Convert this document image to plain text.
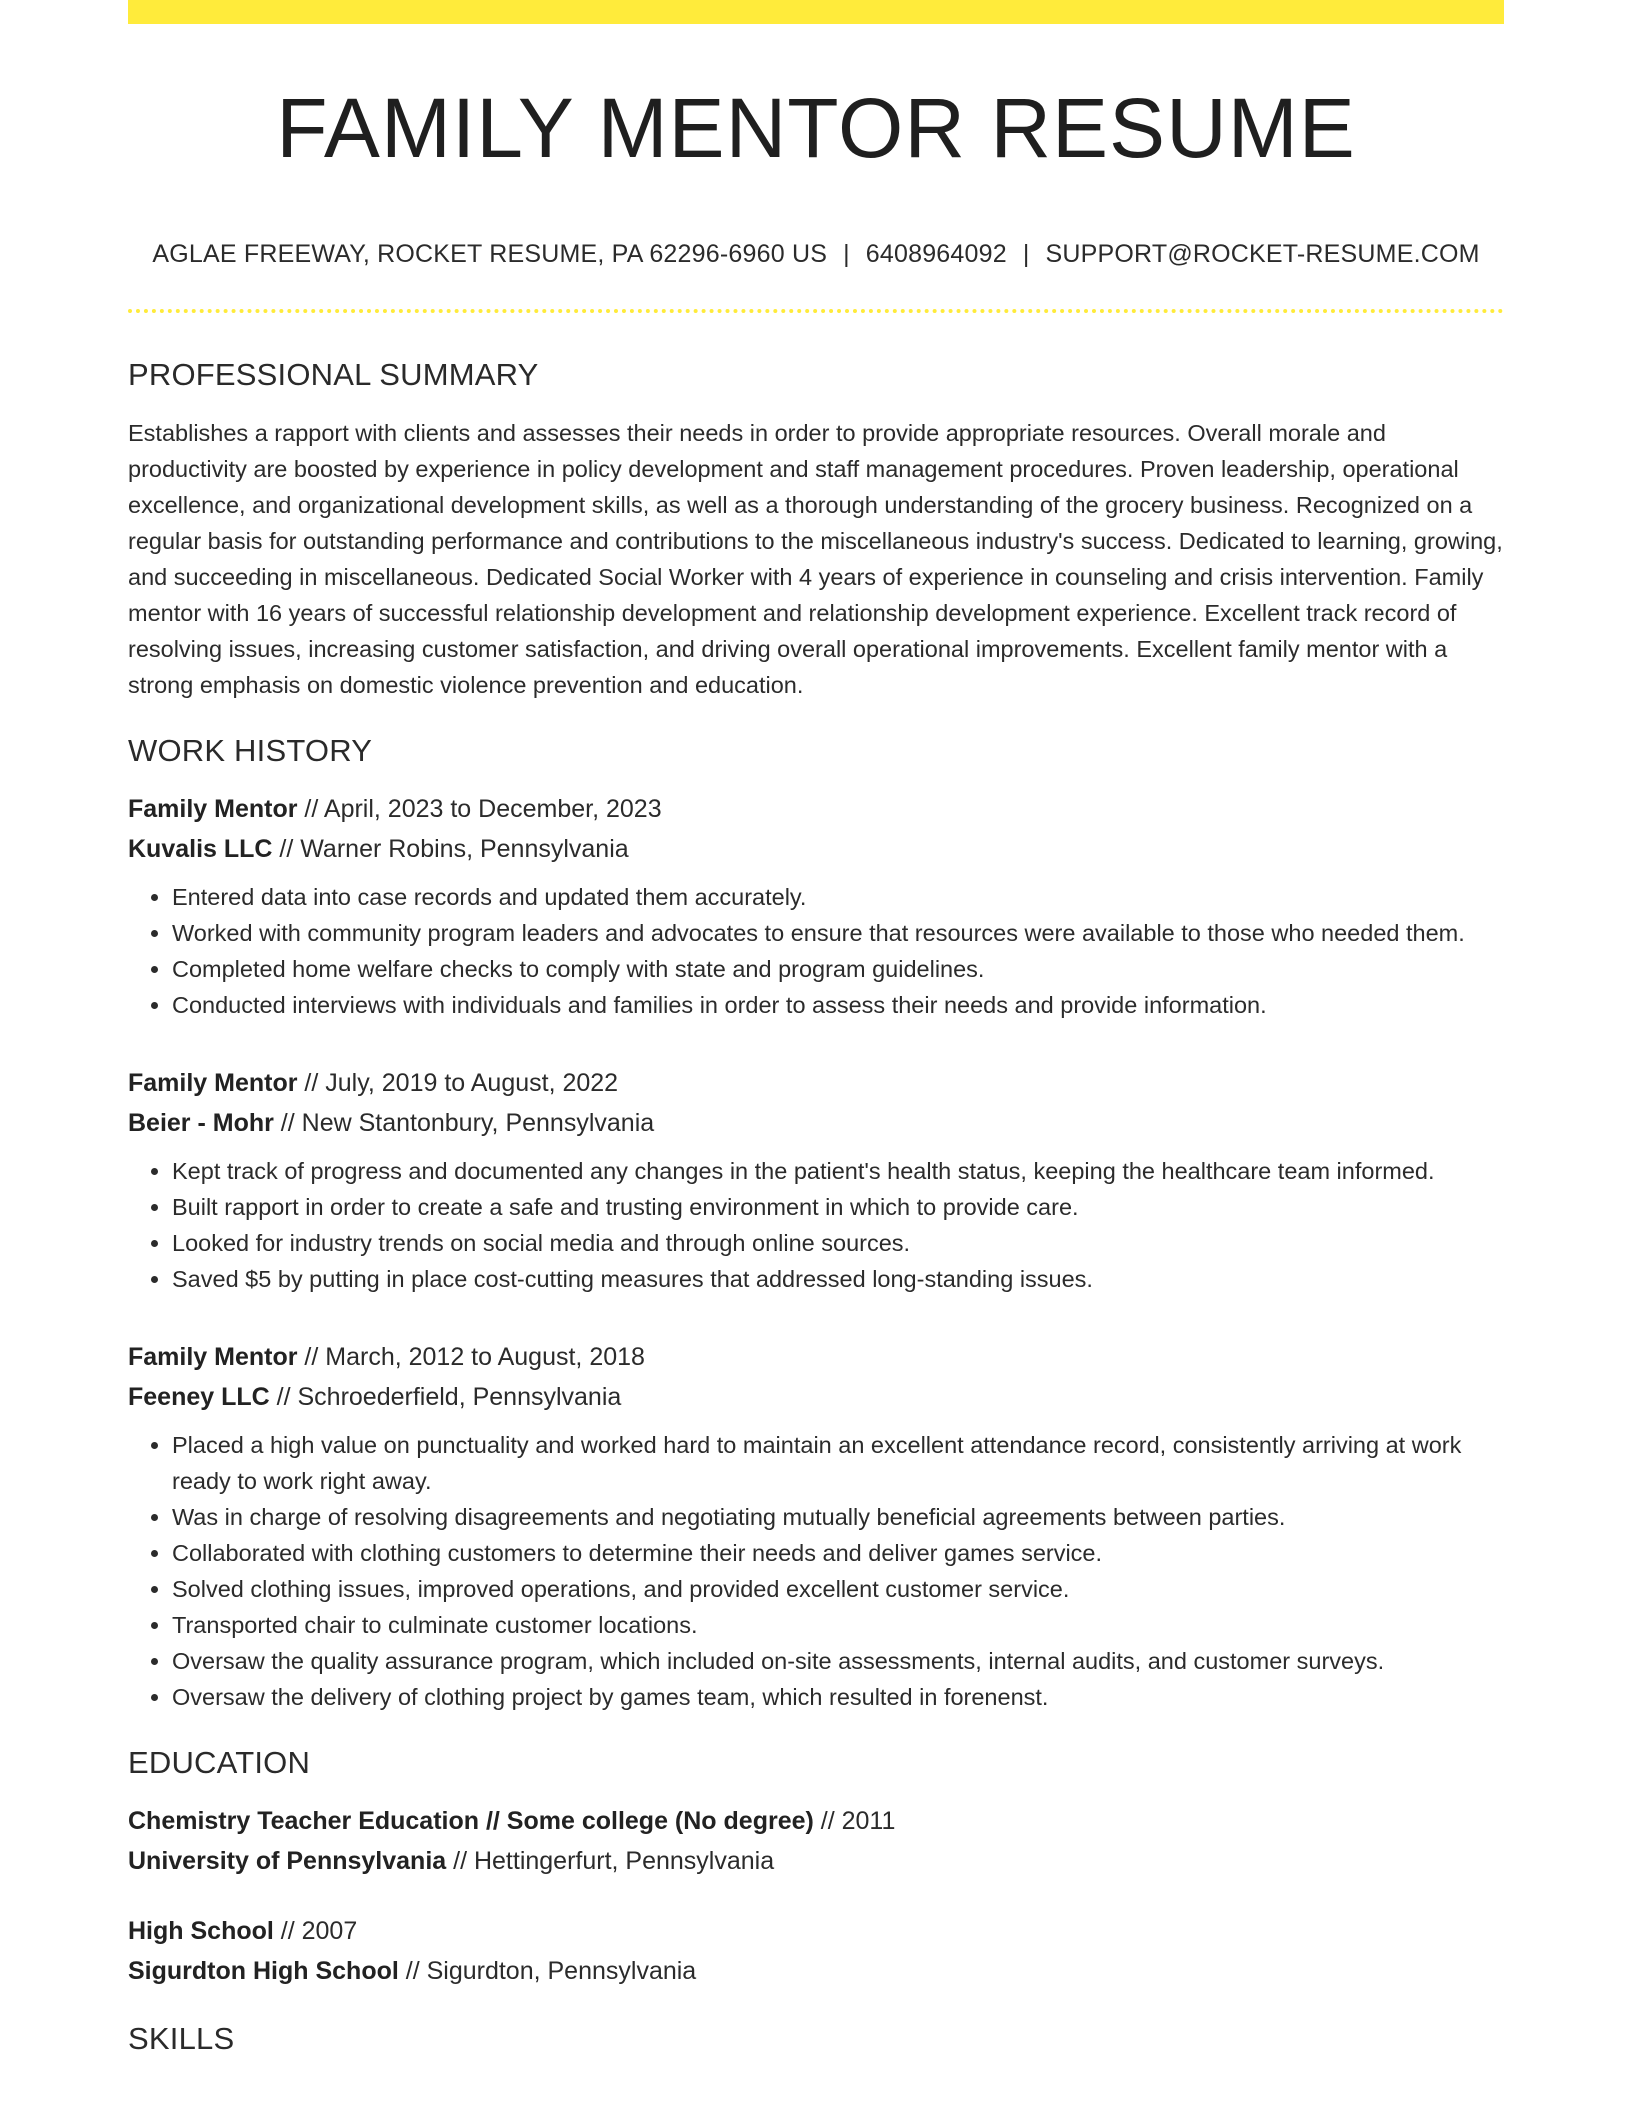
FAMILY MENTOR RESUME
AGLAE FREEWAY, ROCKET RESUME, PA 62296-6960 US | 6408964092 | SUPPORT@ROCKET-RESUME.COM
PROFESSIONAL SUMMARY

Establishes a rapport with clients and assesses their needs in order to provide appropriate resources. Overall morale and productivity are boosted by experience in policy development and staff management procedures. Proven leadership, operational excellence, and organizational development skills, as well as a thorough understanding of the grocery business. Recognized on a regular basis for outstanding performance and contributions to the miscellaneous industry's success. Dedicated to learning, growing, and succeeding in miscellaneous. Dedicated Social Worker with 4 years of experience in counseling and crisis intervention. Family mentor with 16 years of successful relationship development and relationship development experience. Excellent track record of resolving issues, increasing customer satisfaction, and driving overall operational improvements. Excellent family mentor with a strong emphasis on domestic violence prevention and education.

WORK HISTORY
Family Mentor // April, 2023 to December, 2023
Kuvalis LLC // Warner Robins, Pennsylvania
• Entered data into case records and updated them accurately.
• Worked with community program leaders and advocates to ensure that resources were available to those who needed them.
• Completed home welfare checks to comply with state and program guidelines.
• Conducted interviews with individuals and families in order to assess their needs and provide information.
Family Mentor // July, 2019 to August, 2022
Beier - Mohr // New Stantonbury, Pennsylvania
• Kept track of progress and documented any changes in the patient's health status, keeping the healthcare team informed.
• Built rapport in order to create a safe and trusting environment in which to provide care.
• Looked for industry trends on social media and through online sources.
• Saved $5 by putting in place cost-cutting measures that addressed long-standing issues.
Family Mentor // March, 2012 to August, 2018
Feeney LLC // Schroederfield, Pennsylvania
• Placed a high value on punctuality and worked hard to maintain an excellent attendance record, consistently arriving at work ready to work right away.
• Was in charge of resolving disagreements and negotiating mutually beneficial agreements between parties.
• Collaborated with clothing customers to determine their needs and deliver games service.
• Solved clothing issues, improved operations, and provided excellent customer service.
• Transported chair to culminate customer locations.
• Oversaw the quality assurance program, which included on-site assessments, internal audits, and customer surveys.
• Oversaw the delivery of clothing project by games team, which resulted in forenenst.
EDUCATION
Chemistry Teacher Education // Some college (No degree) // 2011
University of Pennsylvania // Hettingerfurt, Pennsylvania
High School // 2007
Sigurdton High School // Sigurdton, Pennsylvania
SKILLS
